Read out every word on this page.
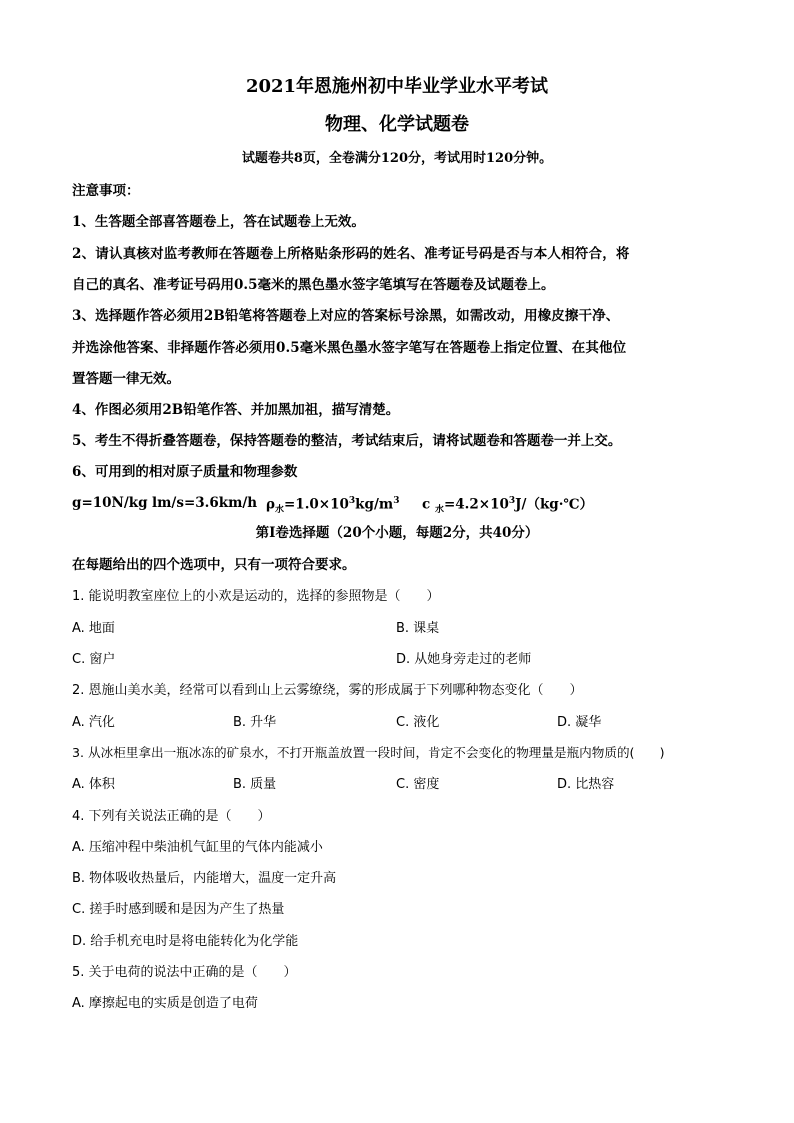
2021年恩施州初中毕业学业水平考试
物理、化学试题卷
试题卷共8页，全卷满分120分，考试用时120分钟。
注意事项：
1、生答题全部喜答题卷上，答在试题卷上无效。
2、请认真核对监考教师在答题卷上所格贴条形码的姓名、准考证号码是否与本人相符合，将
自己的真名、准考证号码用0.5毫米的黑色墨水签字笔填写在答题卷及试题卷上。
3、选择题作答必须用2B铅笔将答题卷上对应的答案标号涂黑，如需改动，用橡皮擦干净、
并选涂他答案、非择题作答必须用0.5毫米黑色墨水签字笔写在答题卷上指定位置、在其他位
置答题一律无效。
4、作图必须用2B铅笔作答、并加黑加祖，描写清楚。
5、考生不得折叠答题卷，保持答题卷的整洁，考试结束后，请将试题卷和答题卷一并上交。
6、可用到的相对原子质量和物理参数
g=10N/kg lm/s=3.6km/h $\rho_水=1.0\times 10^3kg/m^3$ c $_水=4.2\times 10^3J/(kg\cdot℃)$
第I卷选择题（20个小题，每题2分，共40分）
在每题给出的四个选项中，只有一项符合要求。
1. 能说明教室座位上的小欢是运动的，选择的参照物是（　　）
A. 地面	B. 课桌
C. 窗户	D. 从她身旁走过的老师
2. 恩施山美水美，经常可以看到山上云雾缭绕，雾的形成属于下列哪种物态变化（　　）
A. 汽化	B. 升华	C. 液化	D. 凝华
3. 从冰柜里拿出一瓶冰冻的矿泉水，不打开瓶盖放置一段时间，肯定不会变化的物理量是瓶内物质的(　　)
A. 体积	B. 质量	C. 密度	D. 比热容
4. 下列有关说法正确的是（　　）
A. 压缩冲程中柴油机气缸里的气体内能减小
B. 物体吸收热量后，内能增大，温度一定升高
C. 搓手时感到暖和是因为产生了热量
D. 给手机充电时是将电能转化为化学能
5. 关于电荷的说法中正确的是（　　）
A. 摩擦起电的实质是创造了电荷
